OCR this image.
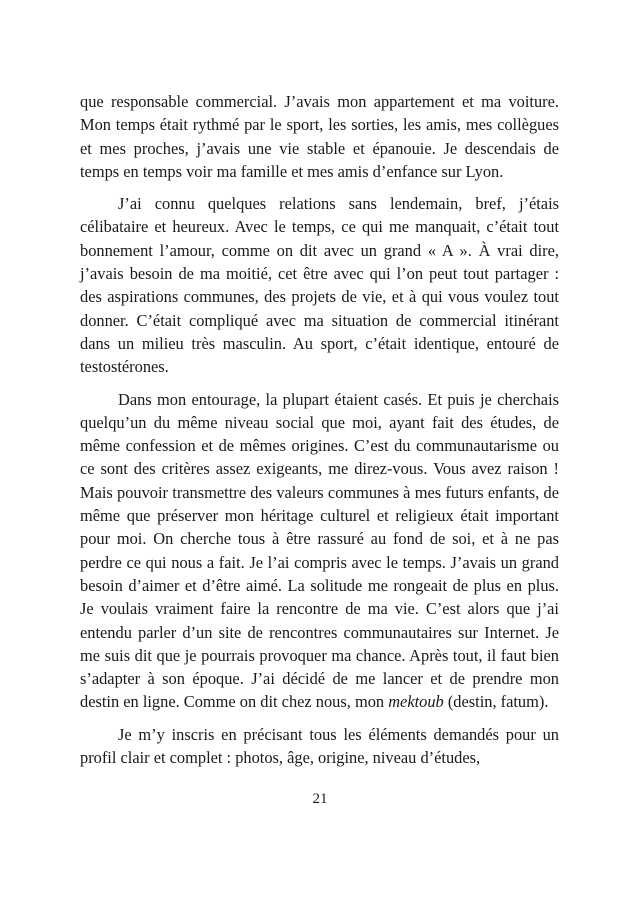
que responsable commercial. J’avais mon appartement et ma voiture. Mon temps était rythmé par le sport, les sorties, les amis, mes collègues et mes proches, j’avais une vie stable et épanouie. Je descendais de temps en temps voir ma famille et mes amis d’enfance sur Lyon.

J’ai connu quelques relations sans lendemain, bref, j’étais célibataire et heureux. Avec le temps, ce qui me manquait, c’était tout bonnement l’amour, comme on dit avec un grand « A ». À vrai dire, j’avais besoin de ma moitié, cet être avec qui l’on peut tout partager : des aspirations communes, des projets de vie, et à qui vous voulez tout donner. C’était compliqué avec ma situation de commercial itinérant dans un milieu très masculin. Au sport, c’était identique, entouré de testostérones.

Dans mon entourage, la plupart étaient casés. Et puis je cherchais quelqu’un du même niveau social que moi, ayant fait des études, de même confession et de mêmes origines. C’est du communautarisme ou ce sont des critères assez exigeants, me direz-vous. Vous avez raison ! Mais pouvoir transmettre des valeurs communes à mes futurs enfants, de même que préserver mon héritage culturel et religieux était important pour moi. On cherche tous à être rassuré au fond de soi, et à ne pas perdre ce qui nous a fait. Je l’ai compris avec le temps. J’avais un grand besoin d’aimer et d’être aimé. La solitude me rongeait de plus en plus. Je voulais vraiment faire la rencontre de ma vie. C’est alors que j’ai entendu parler d’un site de rencontres communautaires sur Internet. Je me suis dit que je pourrais provoquer ma chance. Après tout, il faut bien s’adapter à son époque. J’ai décidé de me lancer et de prendre mon destin en ligne. Comme on dit chez nous, mon mektoub (destin, fatum).

Je m’y inscris en précisant tous les éléments demandés pour un profil clair et complet : photos, âge, origine, niveau d’études,

21
